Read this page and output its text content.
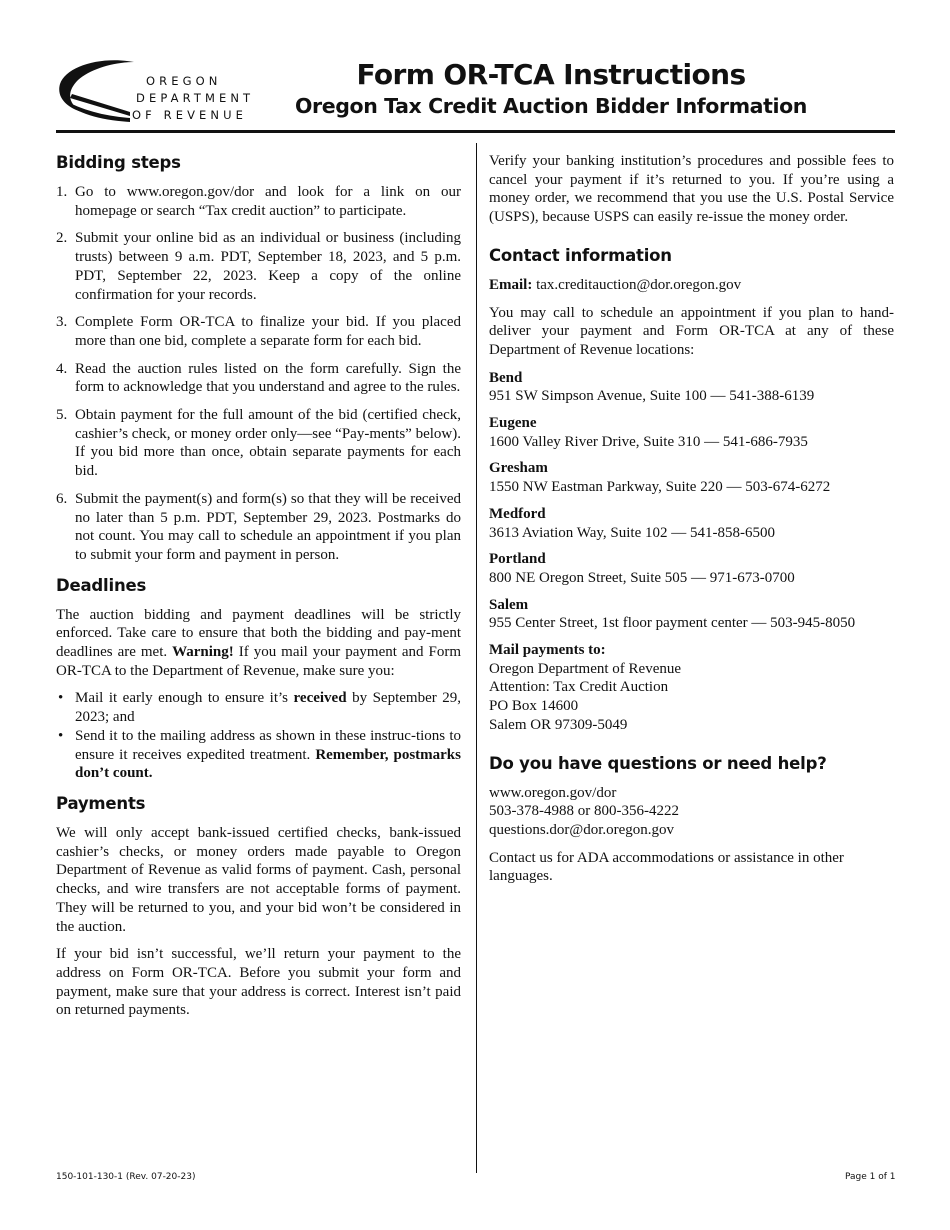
OREGON
DEPARTMENT
OF REVENUE
Form OR-TCA Instructions
Oregon Tax Credit Auction Bidder Information
Bidding steps
1. Go to www.oregon.gov/dor and look for a link on our homepage or search “Tax credit auction” to participate.
2. Submit your online bid as an individual or business (including trusts) between 9 a.m. PDT, September 18, 2023, and 5 p.m. PDT, September 22, 2023. Keep a copy of the online confirmation for your records.
3. Complete Form OR-TCA to finalize your bid. If you placed more than one bid, complete a separate form for each bid.
4. Read the auction rules listed on the form carefully. Sign the form to acknowledge that you understand and agree to the rules.
5. Obtain payment for the full amount of the bid (certified check, cashier’s check, or money order only—see “Pay-ments” below). If you bid more than once, obtain separate payments for each bid.
6. Submit the payment(s) and form(s) so that they will be received no later than 5 p.m. PDT, September 29, 2023. Postmarks do not count. You may call to schedule an appointment if you plan to submit your form and payment in person.
Deadlines

The auction bidding and payment deadlines will be strictly enforced. Take care to ensure that both the bidding and pay-ment deadlines are met. Warning! If you mail your payment and Form OR-TCA to the Department of Revenue, make sure you:

• Mail it early enough to ensure it’s received by September 29, 2023; and
• Send it to the mailing address as shown in these instruc-tions to ensure it receives expedited treatment. Remember, postmarks don’t count.
Payments

We will only accept bank-issued certified checks, bank-issued cashier’s checks, or money orders made payable to Oregon Department of Revenue as valid forms of payment. Cash, personal checks, and wire transfers are not acceptable forms of payment. They will be returned to you, and your bid won’t be considered in the auction.

If your bid isn’t successful, we’ll return your payment to the address on Form OR-TCA. Before you submit your form and payment, make sure that your address is correct. Interest isn’t paid on returned payments.

Verify your banking institution’s procedures and possible fees to cancel your payment if it’s returned to you. If you’re using a money order, we recommend that you use the U.S. Postal Service (USPS), because USPS can easily re-issue the money order.

Contact information

Email: tax.creditauction@dor.oregon.gov

You may call to schedule an appointment if you plan to hand-deliver your payment and Form OR-TCA at any of these Department of Revenue locations:

Bend
951 SW Simpson Avenue, Suite 100 — 541-388-6139
Eugene
1600 Valley River Drive, Suite 310 — 541-686-7935
Gresham
1550 NW Eastman Parkway, Suite 220 — 503-674-6272
Medford
3613 Aviation Way, Suite 102 — 541-858-6500
Portland
800 NE Oregon Street, Suite 505 — 971-673-0700
Salem
955 Center Street, 1st floor payment center — 503-945-8050
Mail payments to:
Oregon Department of Revenue
Attention: Tax Credit Auction
PO Box 14600
Salem OR 97309-5049
Do you have questions or need help?
www.oregon.gov/dor
503-378-4988 or 800-356-4222
questions.dor@dor.oregon.gov

Contact us for ADA accommodations or assistance in other languages.

150-101-130-1 (Rev. 07-20-23)	Page 1 of 1
